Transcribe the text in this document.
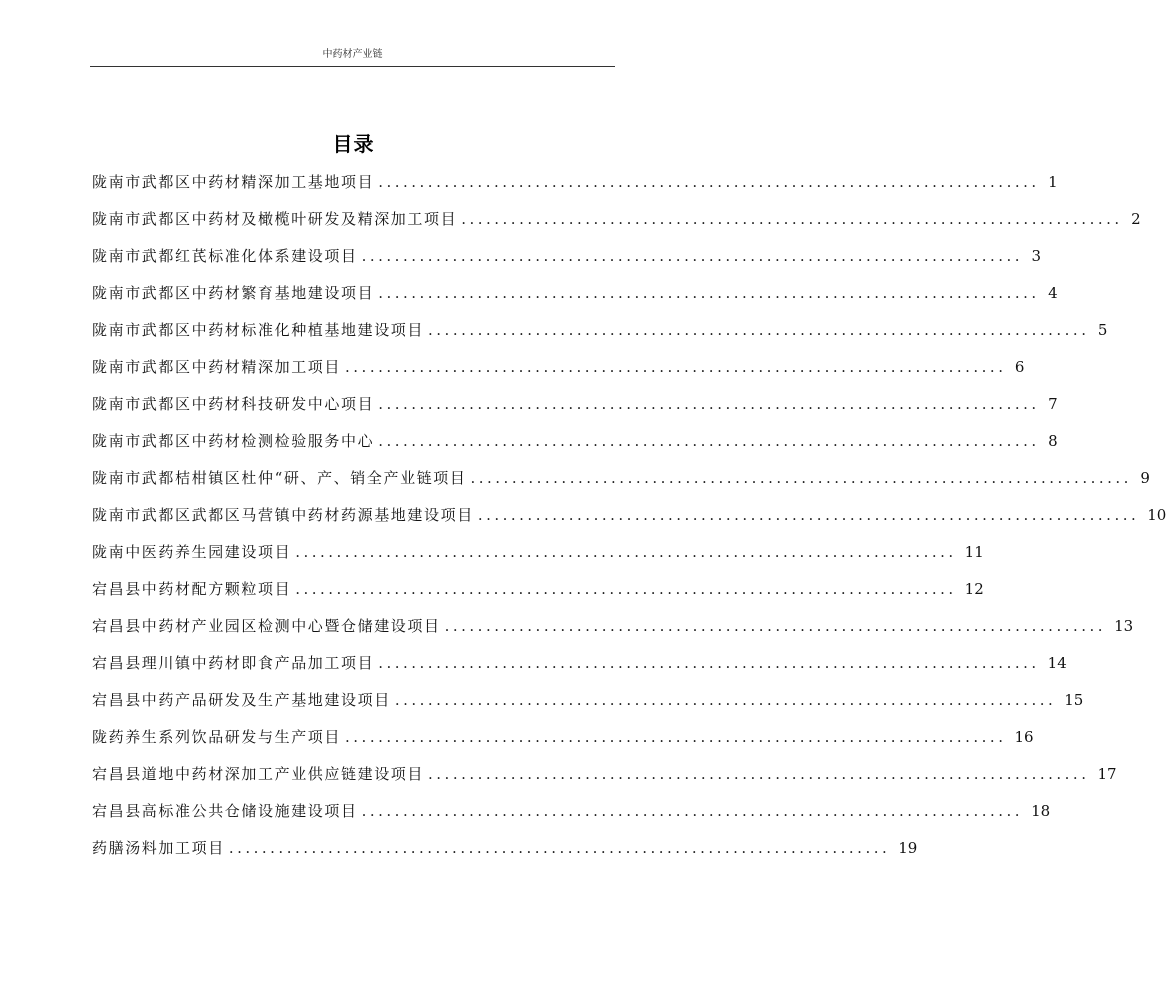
中药材产业链
目录
陇南市武都区中药材精深加工基地项目 ................................................................................ 1
陇南市武都区中药材及橄榄叶研发及精深加工项目 ................................................................................ 2
陇南市武都红芪标准化体系建设项目 ................................................................................ 3
陇南市武都区中药材繁育基地建设项目 ................................................................................ 4
陇南市武都区中药材标准化种植基地建设项目 ................................................................................ 5
陇南市武都区中药材精深加工项目 ................................................................................ 6
陇南市武都区中药材科技研发中心项目 ................................................................................ 7
陇南市武都区中药材检测检验服务中心 ................................................................................ 8
陇南市武都桔柑镇区杜仲“研、产、销全产业链项目 ................................................................................ 9
陇南市武都区武都区马营镇中药材药源基地建设项目 ................................................................................ 10
陇南中医药养生园建设项目 ................................................................................ 11
宕昌县中药材配方颗粒项目 ................................................................................ 12
宕昌县中药材产业园区检测中心暨仓储建设项目 ................................................................................ 13
宕昌县理川镇中药材即食产品加工项目 ................................................................................ 14
宕昌县中药产品研发及生产基地建设项目 ................................................................................ 15
陇药养生系列饮品研发与生产项目 ................................................................................ 16
宕昌县道地中药材深加工产业供应链建设项目 ................................................................................ 17
宕昌县高标准公共仓储设施建设项目 ................................................................................ 18
药膳汤料加工项目 ................................................................................ 19
